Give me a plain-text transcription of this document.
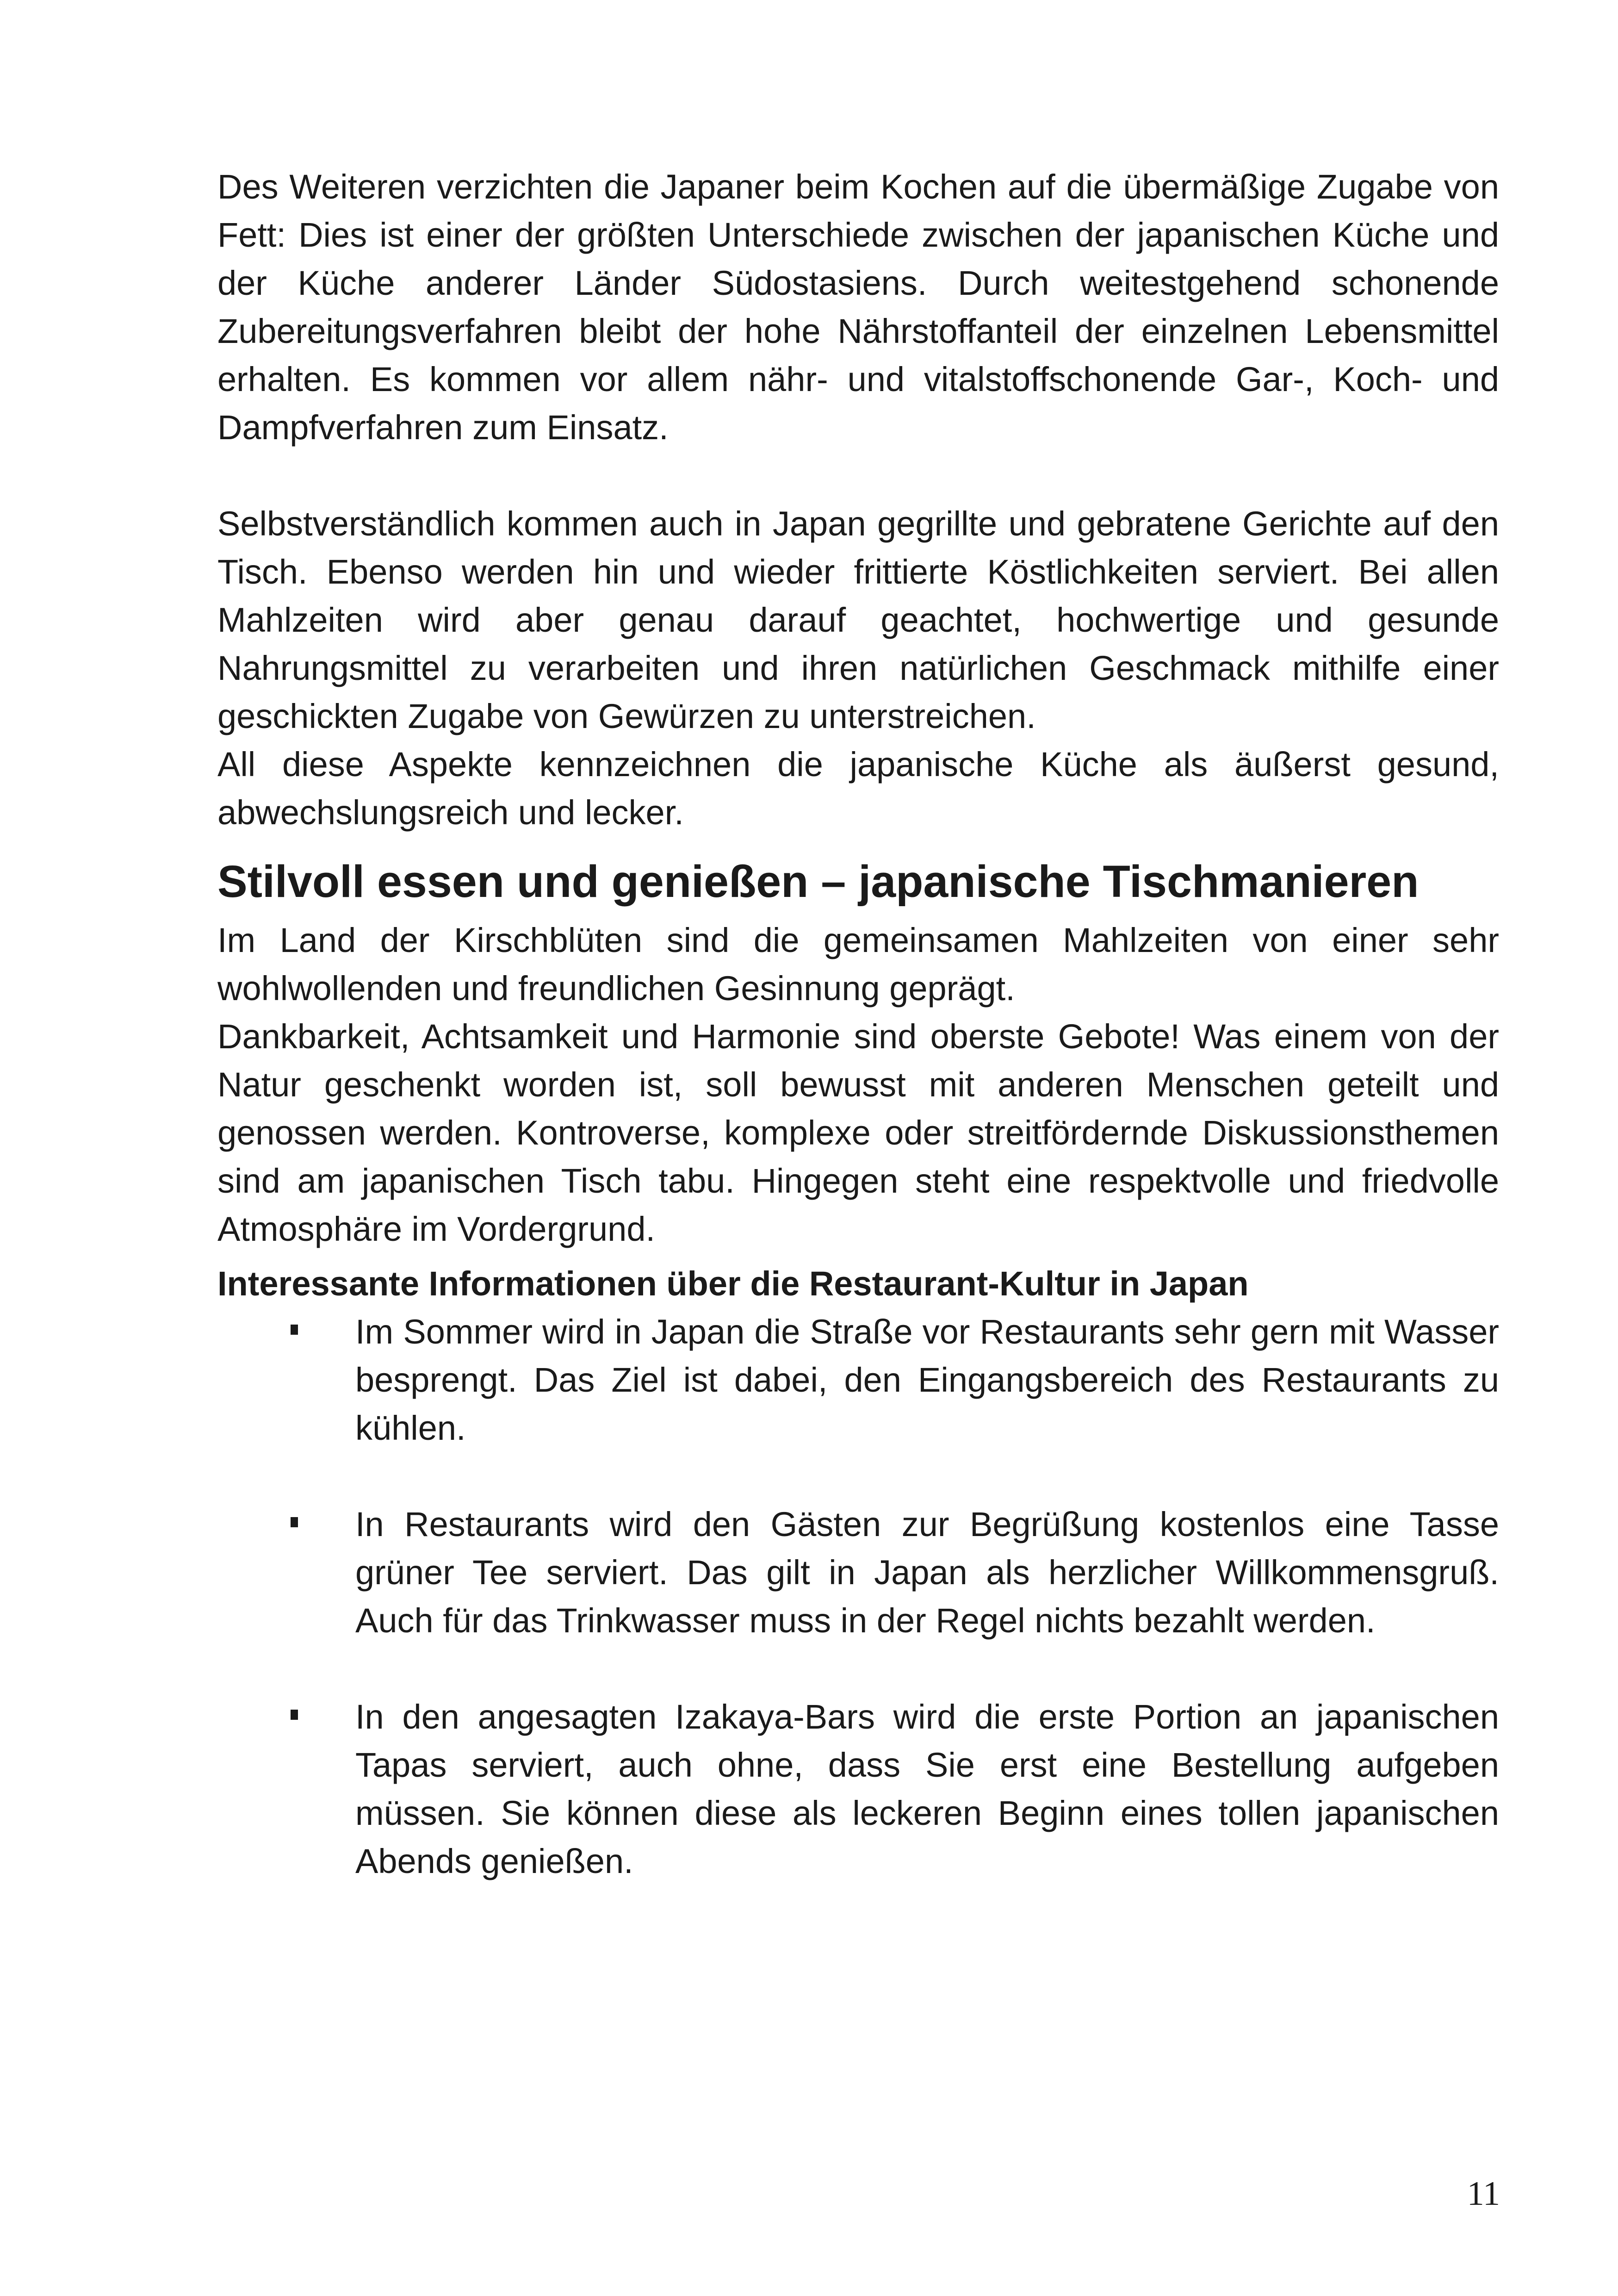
Des Weiteren verzichten die Japaner beim Kochen auf die übermäßige Zugabe von Fett: Dies ist einer der größten Unterschiede zwischen der japanischen Küche und der Küche anderer Länder Südostasiens. Durch weitestgehend schonende Zubereitungsverfahren bleibt der hohe Nährstoffanteil der einzelnen Lebensmittel erhalten. Es kommen vor allem nähr- und vitalstoffschonende Gar-, Koch- und Dampfverfahren zum Einsatz.

Selbstverständlich kommen auch in Japan gegrillte und gebratene Gerichte auf den Tisch. Ebenso werden hin und wieder frittierte Köstlichkeiten serviert. Bei allen Mahlzeiten wird aber genau darauf geachtet, hochwertige und gesunde Nahrungsmittel zu verarbeiten und ihren natürlichen Geschmack mithilfe einer geschickten Zugabe von Gewürzen zu unterstreichen.

All diese Aspekte kennzeichnen die japanische Küche als äußerst gesund, abwechslungsreich und lecker.

Stilvoll essen und genießen – japanische Tischmanieren

Im Land der Kirschblüten sind die gemeinsamen Mahlzeiten von einer sehr wohlwollenden und freundlichen Gesinnung geprägt.

Dankbarkeit, Achtsamkeit und Harmonie sind oberste Gebote! Was einem von der Natur geschenkt worden ist, soll bewusst mit anderen Menschen geteilt und genossen werden. Kontroverse, komplexe oder streitfördernde Diskussionsthemen sind am japanischen Tisch tabu. Hingegen steht eine respektvolle und friedvolle Atmosphäre im Vordergrund.

Interessante Informationen über die Restaurant-Kultur in Japan
Im Sommer wird in Japan die Straße vor Restaurants sehr gern mit Wasser besprengt. Das Ziel ist dabei, den Eingangsbereich des Restaurants zu kühlen.
In Restaurants wird den Gästen zur Begrüßung kostenlos eine Tasse grüner Tee serviert. Das gilt in Japan als herzlicher Willkommensgruß. Auch für das Trinkwasser muss in der Regel nichts bezahlt werden.
In den angesagten Izakaya-Bars wird die erste Portion an japanischen Tapas serviert, auch ohne, dass Sie erst eine Bestellung aufgeben müssen. Sie können diese als leckeren Beginn eines tollen japanischen Abends genießen.
11
